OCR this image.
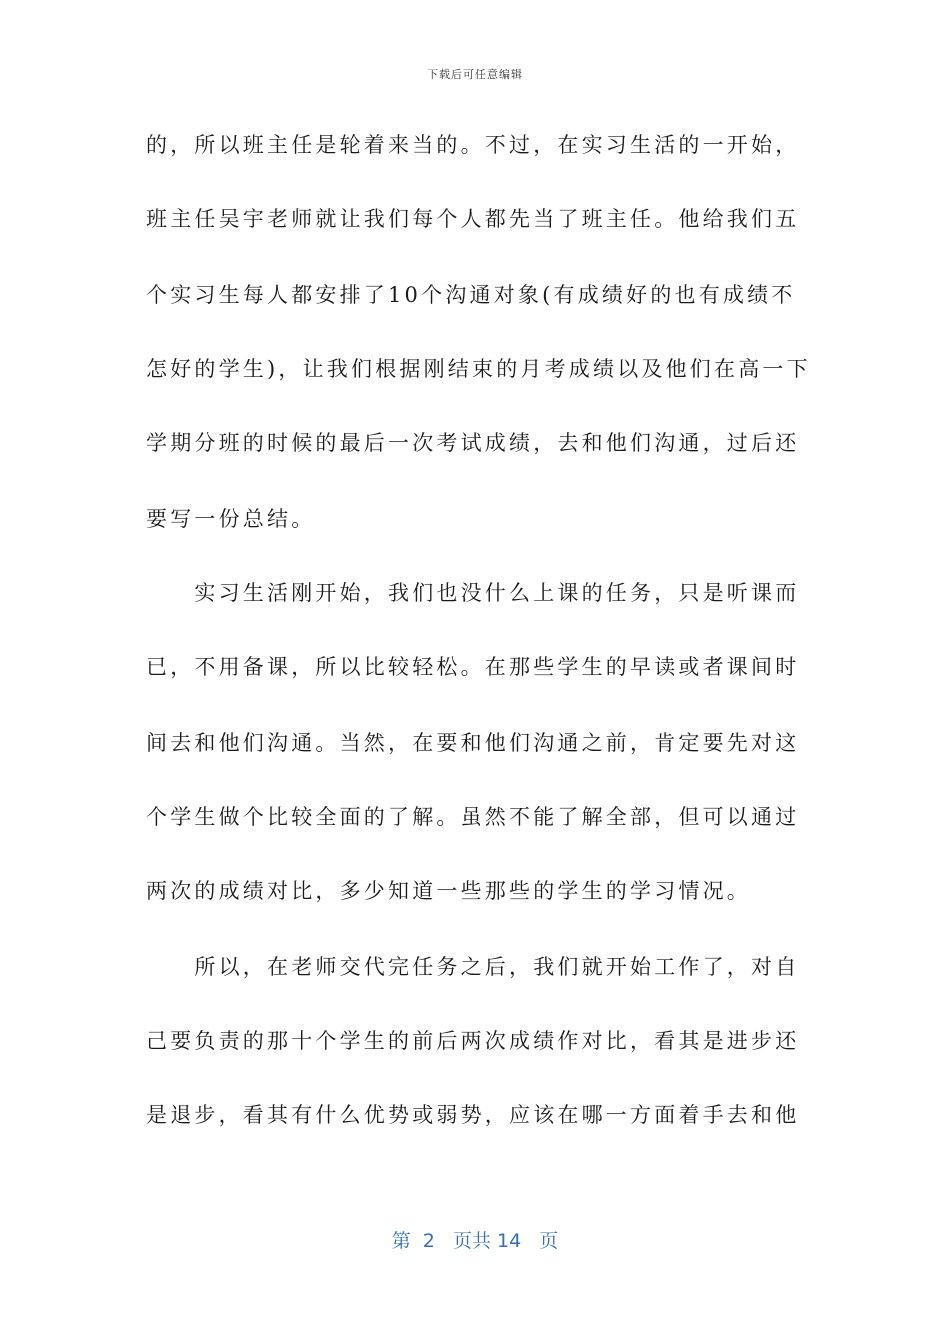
下载后可任意编辑
的，所以班主任是轮着来当的。不过，在实习生活的一开始，
班主任吴宇老师就让我们每个人都先当了班主任。他给我们五
个实习生每人都安排了10个沟通对象(有成绩好的也有成绩不
怎好的学生)，让我们根据刚结束的月考成绩以及他们在高一下
学期分班的时候的最后一次考试成绩，去和他们沟通，过后还
要写一份总结。
　　实习生活刚开始，我们也没什么上课的任务，只是听课而
已，不用备课，所以比较轻松。在那些学生的早读或者课间时
间去和他们沟通。当然，在要和他们沟通之前，肯定要先对这
个学生做个比较全面的了解。虽然不能了解全部，但可以通过
两次的成绩对比，多少知道一些那些的学生的学习情况。
　　所以，在老师交代完任务之后，我们就开始工作了，对自
己要负责的那十个学生的前后两次成绩作对比，看其是进步还
是退步，看其有什么优势或弱势，应该在哪一方面着手去和他
第  2   页共 14   页
